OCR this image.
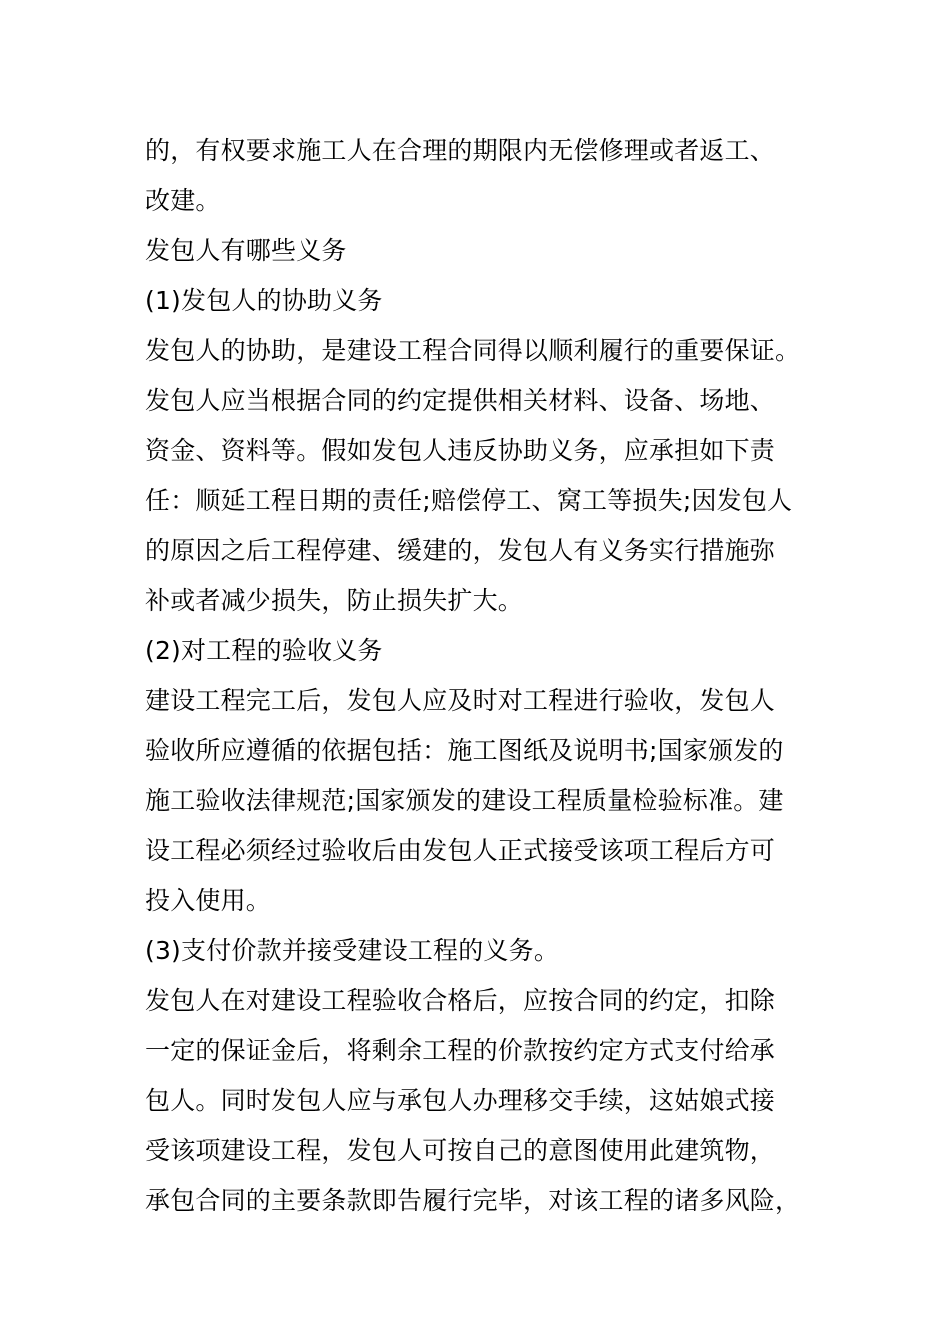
的，有权要求施工人在合理的期限内无偿修理或者返工、
改建。
发包人有哪些义务
(1)发包人的协助义务
发包人的协助，是建设工程合同得以顺利履行的重要保证。
发包人应当根据合同的约定提供相关材料、设备、场地、
资金、资料等。假如发包人违反协助义务，应承担如下责
任：顺延工程日期的责任;赔偿停工、窝工等损失;因发包人
的原因之后工程停建、缓建的，发包人有义务实行措施弥
补或者减少损失，防止损失扩大。
(2)对工程的验收义务
建设工程完工后，发包人应及时对工程进行验收，发包人
验收所应遵循的依据包括：施工图纸及说明书;国家颁发的
施工验收法律规范;国家颁发的建设工程质量检验标准。建
设工程必须经过验收后由发包人正式接受该项工程后方可
投入使用。
(3)支付价款并接受建设工程的义务。
发包人在对建设工程验收合格后，应按合同的约定，扣除
一定的保证金后，将剩余工程的价款按约定方式支付给承
包人。同时发包人应与承包人办理移交手续，这姑娘式接
受该项建设工程，发包人可按自己的意图使用此建筑物，
承包合同的主要条款即告履行完毕，对该工程的诸多风险，
